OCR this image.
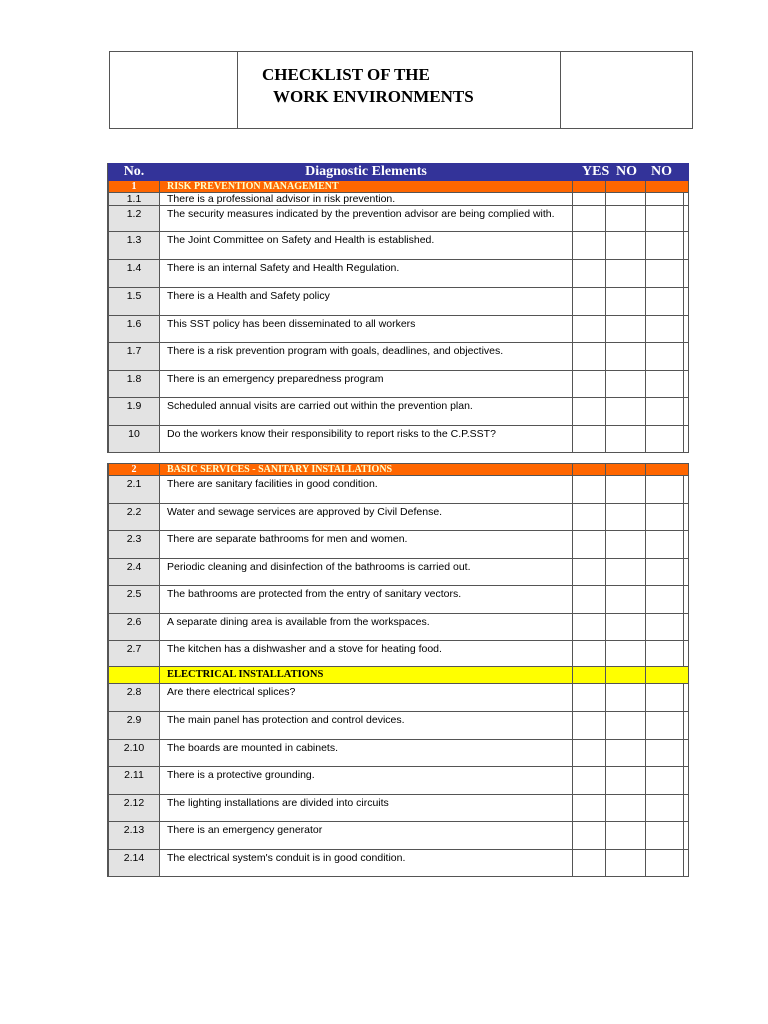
CHECKLIST OF THE
WORK ENVIRONMENTS
No.	Diagnostic Elements	YES	NO	NO
1	RISK PREVENTION MANAGEMENT			
1.1	There is a professional advisor in risk prevention.			
1.2	The security measures indicated by the prevention advisor are being complied with.			
1.3	The Joint Committee on Safety and Health is established.			
1.4	There is an internal Safety and Health Regulation.			
1.5	There is a Health and Safety policy			
1.6	This SST policy has been disseminated to all workers			
1.7	There is a risk prevention program with goals, deadlines, and objectives.			
1.8	There is an emergency preparedness program			
1.9	Scheduled annual visits are carried out within the prevention plan.			
10	Do the workers know their responsibility to report risks to the C.P.SST?			
2	BASIC SERVICES - SANITARY INSTALLATIONS			
2.1	There are sanitary facilities in good condition.			
2.2	Water and sewage services are approved by Civil Defense.			
2.3	There are separate bathrooms for men and women.			
2.4	Periodic cleaning and disinfection of the bathrooms is carried out.			
2.5	The bathrooms are protected from the entry of sanitary vectors.			
2.6	A separate dining area is available from the workspaces.			
2.7	The kitchen has a dishwasher and a stove for heating food.			
	ELECTRICAL INSTALLATIONS			
2.8	Are there electrical splices?			
2.9	The main panel has protection and control devices.			
2.10	The boards are mounted in cabinets.			
2.11	There is a protective grounding.			
2.12	The lighting installations are divided into circuits			
2.13	There is an emergency generator			
2.14	The electrical system's conduit is in good condition.			
